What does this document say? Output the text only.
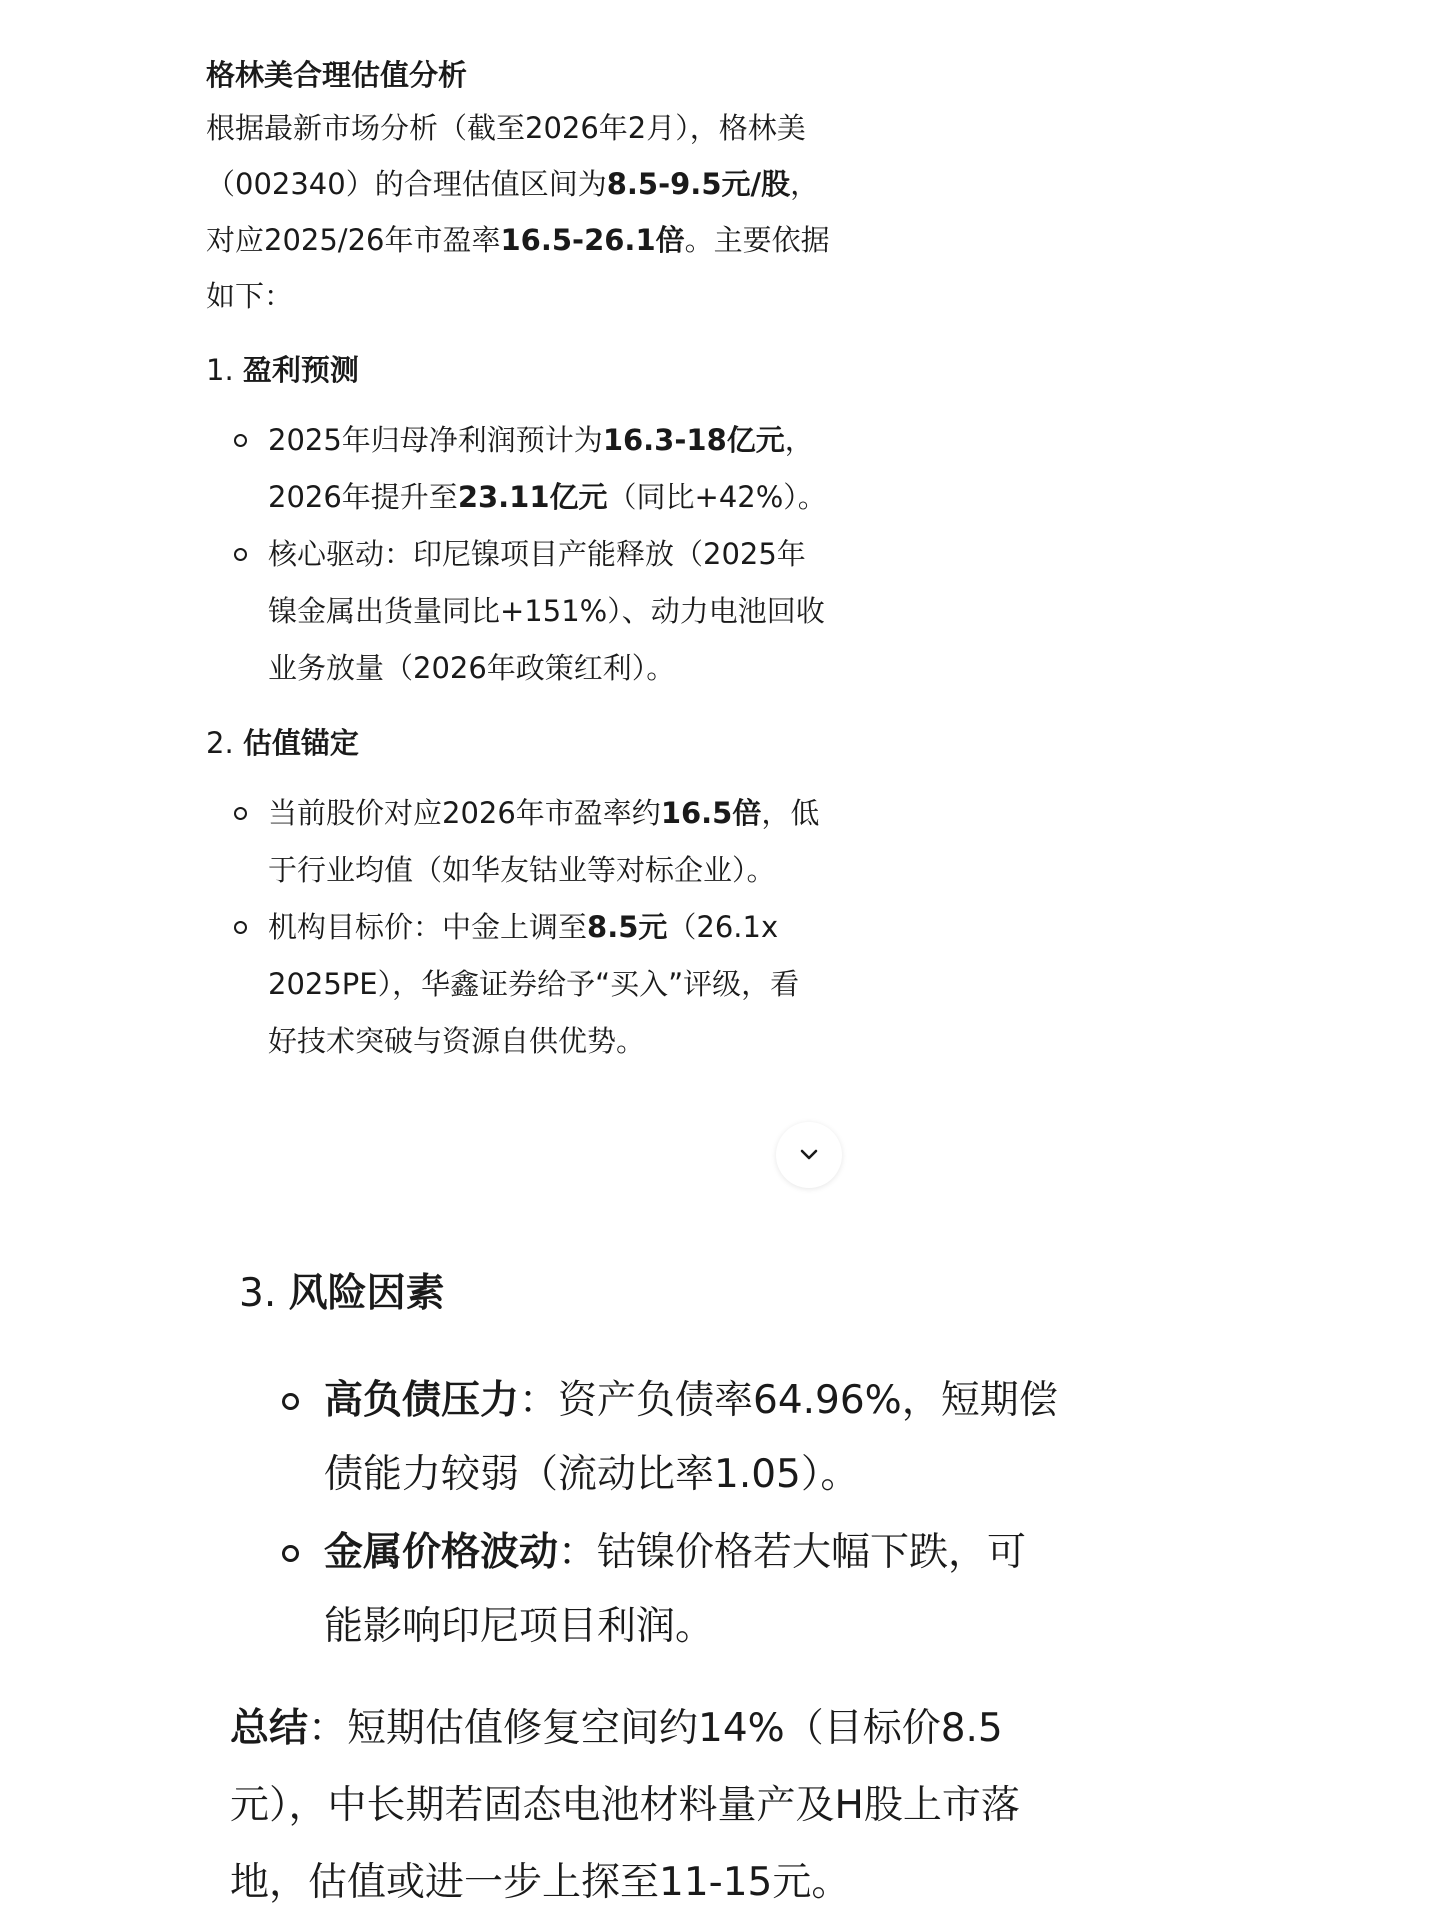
格林美合理估值分析

根据最新市场分析（截至2026年2月），格林美（002340）的合理估值区间为8.5-9.5元/股，对应2025/26年市盈率16.5-26.1倍。主要依据如下：

1. 盈利预测
2025年归母净利润预计为16.3-18亿元，2026年提升至23.11亿元（同比+42%）。
核心驱动：印尼镍项目产能释放（2025年镍金属出货量同比+151%）、动力电池回收业务放量（2026年政策红利）。
2. 估值锚定
当前股价对应2026年市盈率约16.5倍，低于行业均值（如华友钴业等对标企业）。
机构目标价：中金上调至8.5元（26.1x 2025PE），华鑫证券给予“买入”评级，看好技术突破与资源自供优势。
3. 风险因素
高负债压力：资产负债率64.96%，短期偿债能力较弱（流动比率1.05）。
金属价格波动：钴镍价格若大幅下跌，可能影响印尼项目利润。

总结：短期估值修复空间约14%（目标价8.5元），中长期若固态电池材料量产及H股上市落地，估值或进一步上探至11-15元。
